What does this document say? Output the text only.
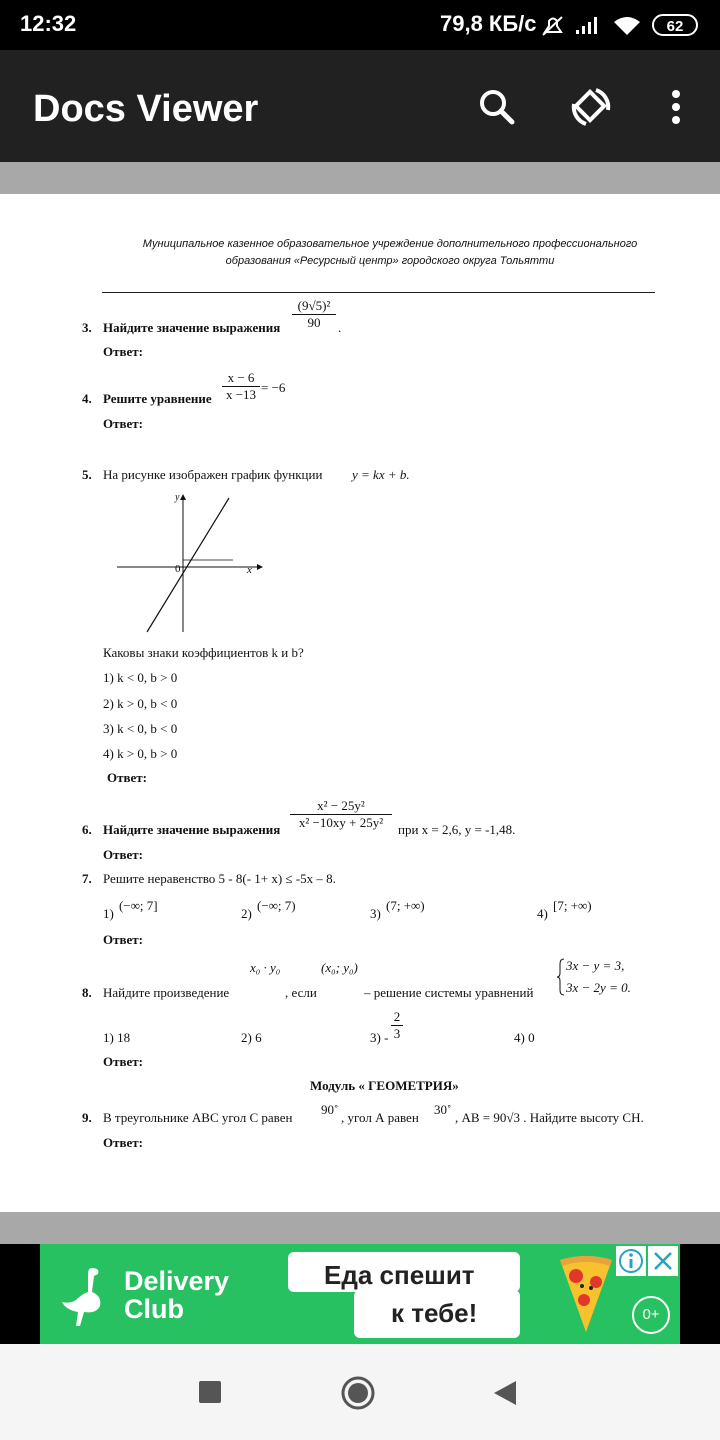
12:32	79,8 КБ/с	62
Docs Viewer
Муниципальное казенное образовательное учреждение дополнительного профессионального
образования «Ресурсный центр» городского округа Тольятти
3. Найдите значение выражения $\frac{\text{(9√5)²}}{90}$ .
Ответ:
4. Решите уравнение $\frac{x - 6}{x -13} = -6$
Ответ:
5. На рисунке изображен график функции y = kx + b.
y
x
0
Каковы знаки коэффициентов k и b?
1) k < 0, b > 0
2) k > 0, b < 0
3) k < 0, b < 0
4) k > 0, b > 0
Ответ:
6. Найдите значение выражения $\frac{\text{x² − 25y²}}{\text{x² −10xy + 25y²}}$ при x = 2,6, y = -1,48.
Ответ:
7. Решите неравенство 5 - 8(- 1+ x) ≤ -5x – 8.
1)
(−∞; 7]
2)
(−∞; 7)
3)
(7; +∞)
4)
[7; +∞)
Ответ:
x₀ · y₀	(x₀; y₀)
8. Найдите произведение	, если	– решение системы уравнений
3x − y = 3,
3x − 2y = 0.
1) 18	2) 6	$3) - \frac{2}{3}$	4) 0
Ответ:
Модуль « ГЕОМЕТРИЯ»
9. В треугольнике АВС угол С равен
90˚
, угол А равен
30˚
, АВ = 90√3 . Найдите высоту СН.
Ответ:
Delivery
Club
Еда спешит
к тебе!	0+
